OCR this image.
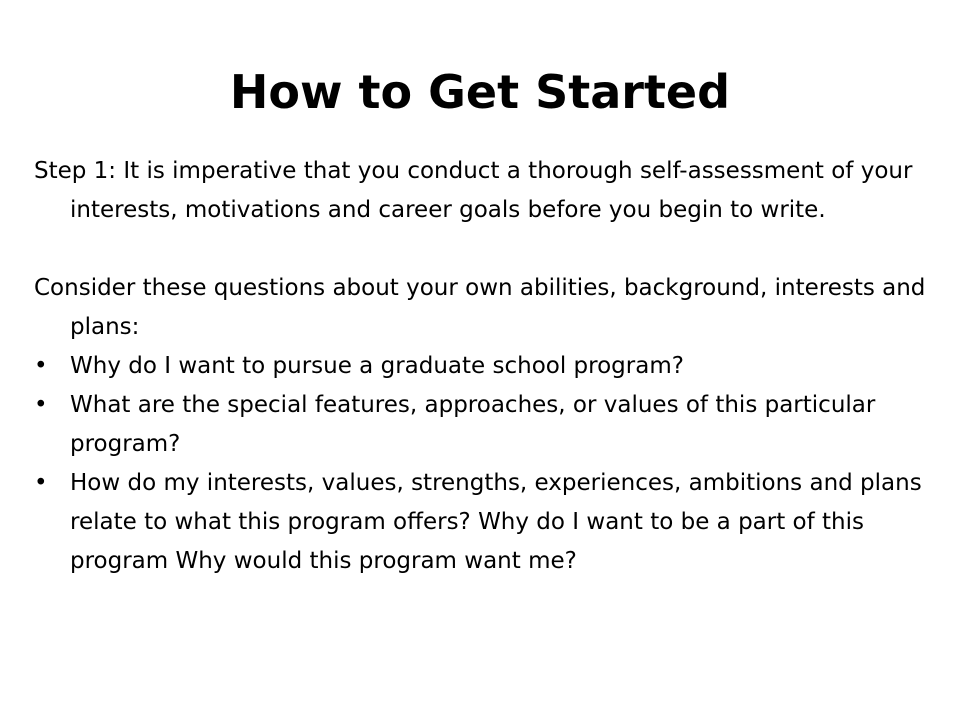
How to Get Started

Step 1: It is imperative that you conduct a thorough self-assessment of your interests, motivations and career goals before you begin to write.

Consider these questions about your own abilities, background, interests and plans:

• Why do I want to pursue a graduate school program?
• What are the special features, approaches, or values of this particular program?
• How do my interests, values, strengths, experiences, ambitions and plans relate to what this program offers? Why do I want to be a part of this program Why would this program want me?
